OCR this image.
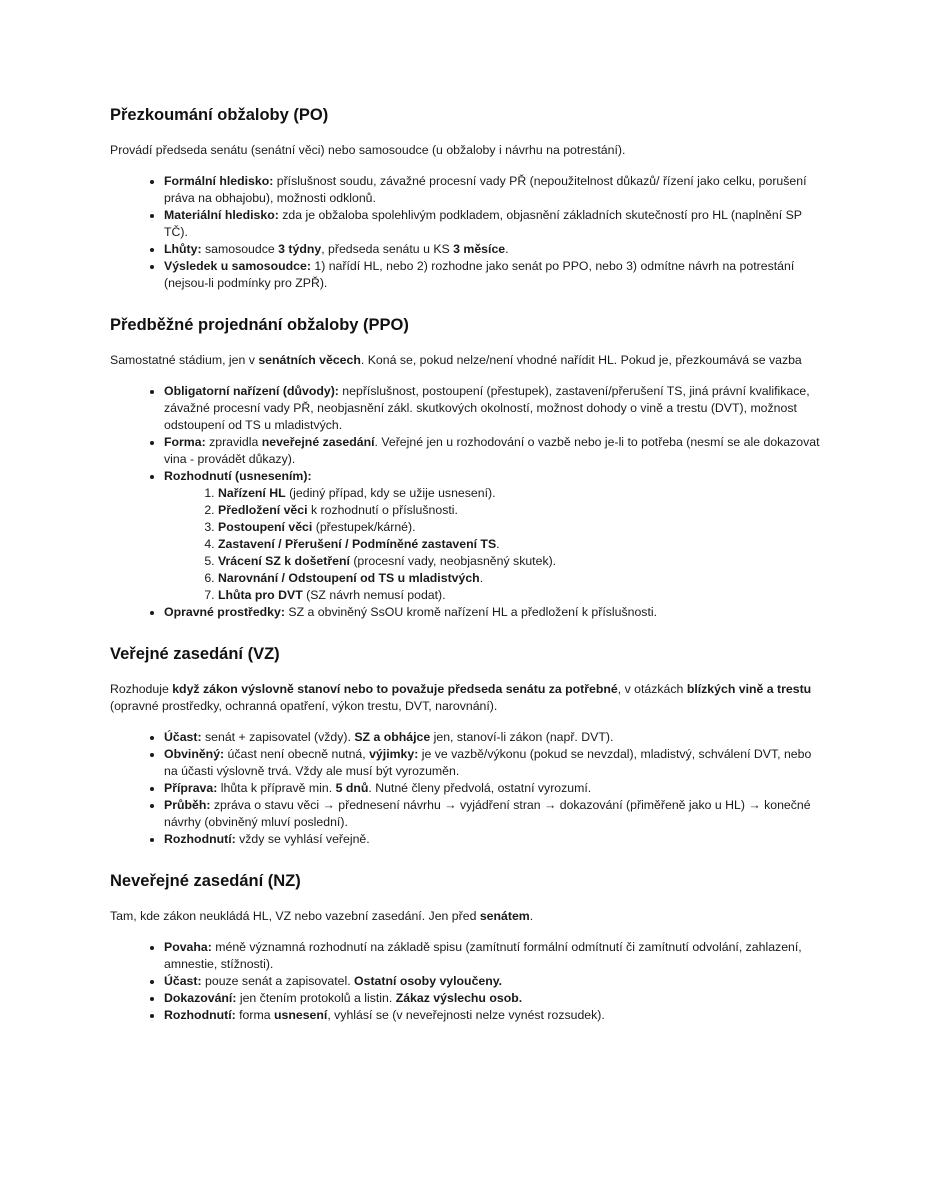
Přezkoumání obžaloby (PO)

Provádí předseda senátu (senátní věci) nebo samosoudce (u obžaloby i návrhu na potrestání).

• Formální hledisko: příslušnost soudu, závažné procesní vady PŘ (nepoužitelnost důkazů/ řízení jako celku, porušení práva na obhajobu), možnosti odklonů.
• Materiální hledisko: zda je obžaloba spolehlivým podkladem, objasnění základních skutečností pro HL (naplnění SP TČ).
• Lhůty: samosoudce 3 týdny, předseda senátu u KS 3 měsíce.
• Výsledek u samosoudce: 1) nařídí HL, nebo 2) rozhodne jako senát po PPO, nebo 3) odmítne návrh na potrestání (nejsou-li podmínky pro ZPŘ).
Předběžné projednání obžaloby (PPO)

Samostatné stádium, jen v senátních věcech. Koná se, pokud nelze/není vhodné nařídit HL. Pokud je, přezkoumává se vazba

• Obligatorní nařízení (důvody): nepříslušnost, postoupení (přestupek), zastavení/přerušení TS, jiná právní kvalifikace, závažné procesní vady PŘ, neobjasnění zákl. skutkových okolností, možnost dohody o vině a trestu (DVT), možnost odstoupení od TS u mladistvých.
• Forma: zpravidla neveřejné zasedání. Veřejné jen u rozhodování o vazbě nebo je-li to potřeba (nesmí se ale dokazovat vina - provádět důkazy).
• Rozhodnutí (usnesením):
1. Nařízení HL (jediný případ, kdy se užije usnesení).
2. Předložení věci k rozhodnutí o příslušnosti.
3. Postoupení věci (přestupek/kárné).
4. Zastavení / Přerušení / Podmíněné zastavení TS.
5. Vrácení SZ k došetření (procesní vady, neobjasněný skutek).
6. Narovnání / Odstoupení od TS u mladistvých.
7. Lhůta pro DVT (SZ návrh nemusí podat).
• Opravné prostředky: SZ a obviněný SsOU kromě nařízení HL a předložení k příslušnosti.
Veřejné zasedání (VZ)

Rozhoduje když zákon výslovně stanoví nebo to považuje předseda senátu za potřebné, v otázkách blízkých vině a trestu (opravné prostředky, ochranná opatření, výkon trestu, DVT, narovnání).

• Účast: senát + zapisovatel (vždy). SZ a obhájce jen, stanoví-li zákon (např. DVT).
• Obviněný: účast není obecně nutná, výjimky: je ve vazbě/výkonu (pokud se nevzdal), mladistvý, schválení DVT, nebo na účasti výslovně trvá. Vždy ale musí být vyrozuměn.
• Příprava: lhůta k přípravě min. 5 dnů. Nutné členy předvolá, ostatní vyrozumí.
• Průběh: zpráva o stavu věci → přednesení návrhu → vyjádření stran → dokazování (přiměřeně jako u HL) → konečné návrhy (obviněný mluví poslední).
• Rozhodnutí: vždy se vyhlásí veřejně.
Neveřejné zasedání (NZ)

Tam, kde zákon neukládá HL, VZ nebo vazební zasedání. Jen před senátem.

• Povaha: méně významná rozhodnutí na základě spisu (zamítnutí formální odmítnutí či zamítnutí odvolání, zahlazení, amnestie, stížnosti).
• Účast: pouze senát a zapisovatel. Ostatní osoby vyloučeny.
• Dokazování: jen čtením protokolů a listin. Zákaz výslechu osob.
• Rozhodnutí: forma usnesení, vyhlásí se (v neveřejnosti nelze vynést rozsudek).
